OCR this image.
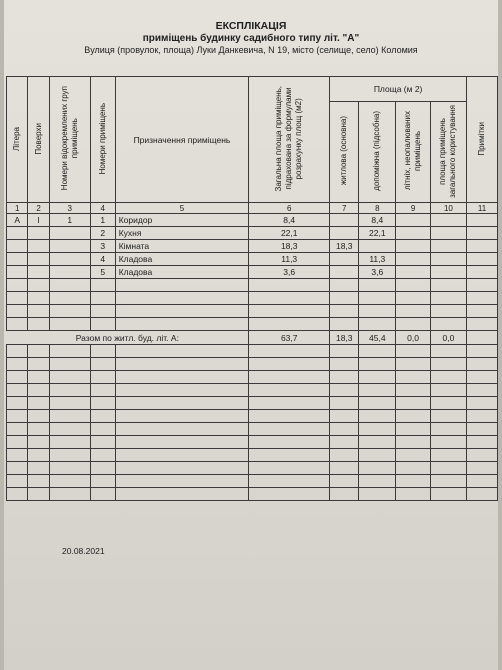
ЕКСПЛІКАЦІЯ
приміщень будинку садибного типу літ. "А"
Вулиця (провулок, площа) Луки Данкевича, N 19, місто (селище, село) Коломия
Літера	Поверхи	Номери відокремлених груп
приміщень	Номери приміщень	Призначення приміщень	Загальна площа приміщень,
підрахована за формулами
розрахунку площ (м2)	Площа (м 2)				Примітки
						житлова (основна)	допоміжна (підсобна)	літніх, неопалюваних
приміщень	площа приміщень
загального користування	
1	2	3	4	5	6	7	8	9	10	11
А	І	1	1	Коридор	8,4		8,4			
			2	Кухня	22,1		22,1			
			3	Кімната	18,3	18,3				
			4	Кладова	11,3		11,3			
			5	Кладова	3,6		3,6			

Разом по житл. буд. літ. А:					63,7	18,3	45,4	0,0	0,0	

20.08.2021
